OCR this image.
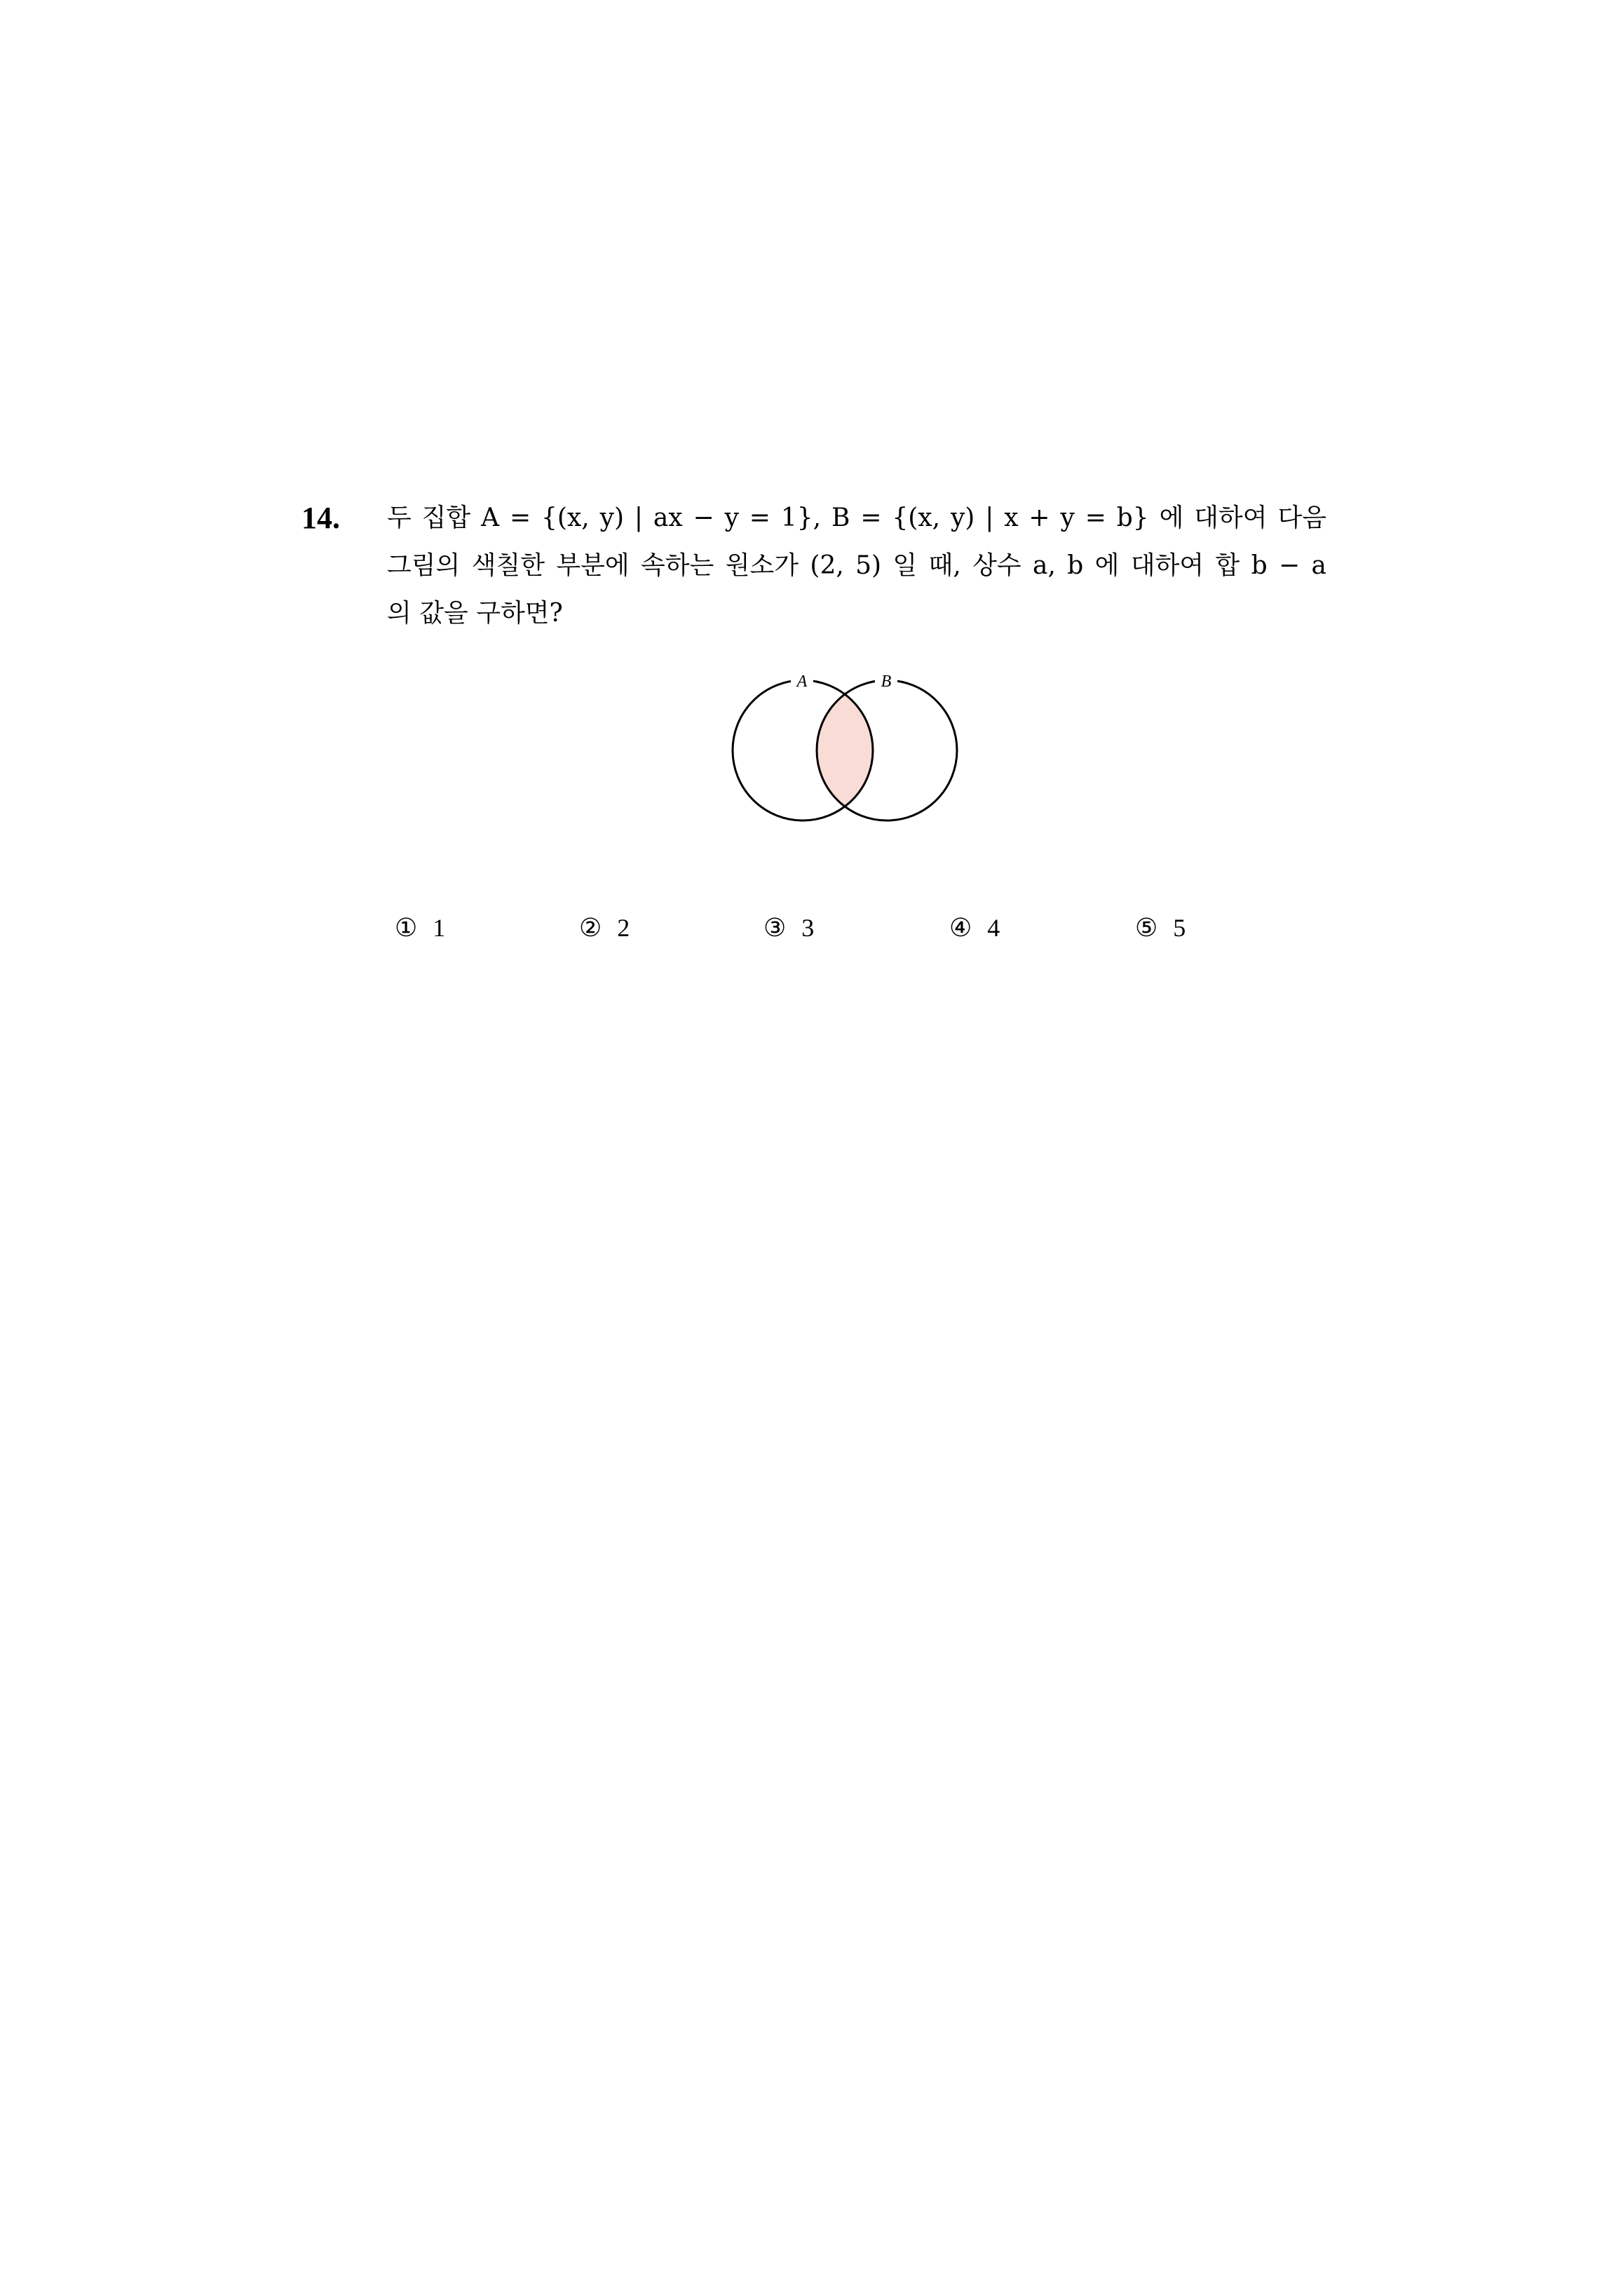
14. 두 집합 A = {(x, y) | ax − y = 1}, B = {(x, y) | x + y = b} 에 대하여 다음
그림의 색칠한 부분에 속하는 원소가 (2, 5) 일 때, 상수 a, b 에 대하여 합 b − a
의 값을 구하면?
A	B
① 1	② 2	③ 3	④ 4	⑤ 5
